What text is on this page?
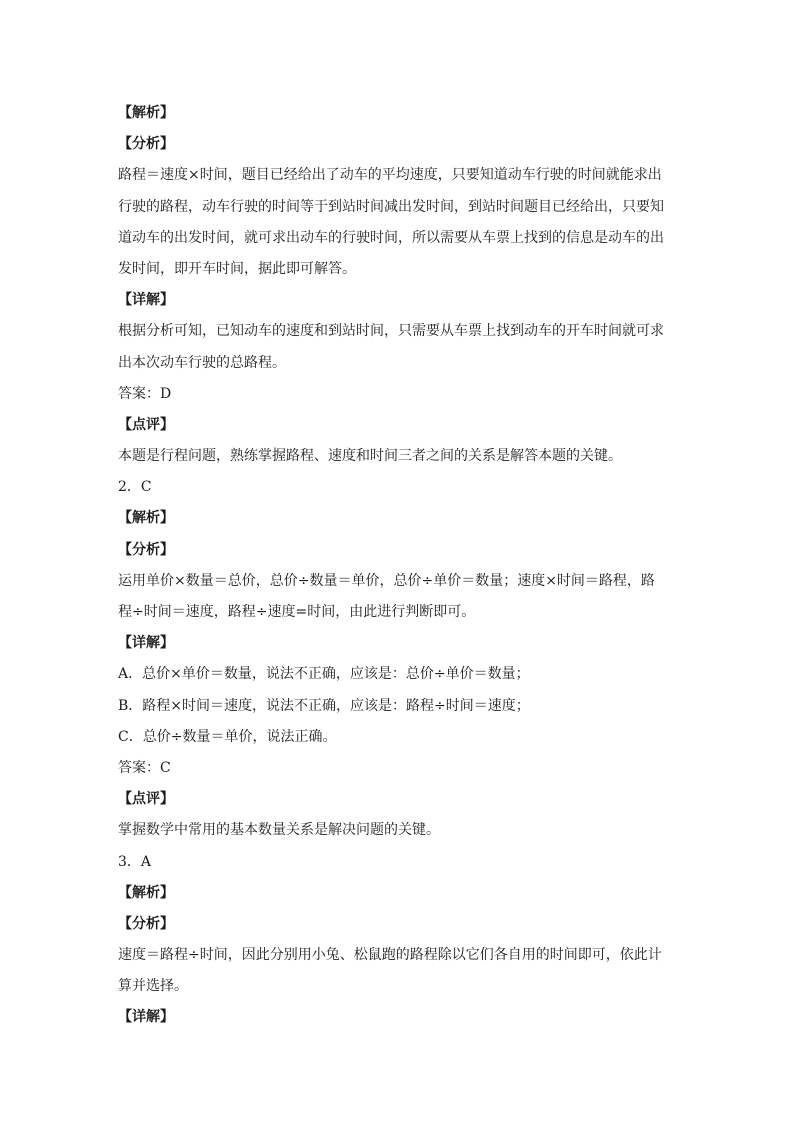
【解析】
【分析】
路程＝速度×时间，题目已经给出了动车的平均速度，只要知道动车行驶的时间就能求出
行驶的路程，动车行驶的时间等于到站时间减出发时间，到站时间题目已经给出，只要知
道动车的出发时间，就可求出动车的行驶时间，所以需要从车票上找到的信息是动车的出
发时间，即开车时间，据此即可解答。
【详解】
根据分析可知，已知动车的速度和到站时间，只需要从车票上找到动车的开车时间就可求
出本次动车行驶的总路程。
答案：D
【点评】
本题是行程问题，熟练掌握路程、速度和时间三者之间的关系是解答本题的关键。
2．C
【解析】
【分析】
运用单价×数量＝总价，总价÷数量＝单价，总价÷单价＝数量；速度×时间＝路程，路
程÷时间＝速度，路程÷速度=时间，由此进行判断即可。
【详解】
A．总价×单价＝数量，说法不正确，应该是：总价÷单价＝数量；
B．路程×时间＝速度，说法不正确，应该是：路程÷时间＝速度；
C．总价÷数量＝单价，说法正确。
答案：C
【点评】
掌握数学中常用的基本数量关系是解决问题的关键。
3．A
【解析】
【分析】
速度＝路程÷时间，因此分别用小兔、松鼠跑的路程除以它们各自用的时间即可，依此计
算并选择。
【详解】
